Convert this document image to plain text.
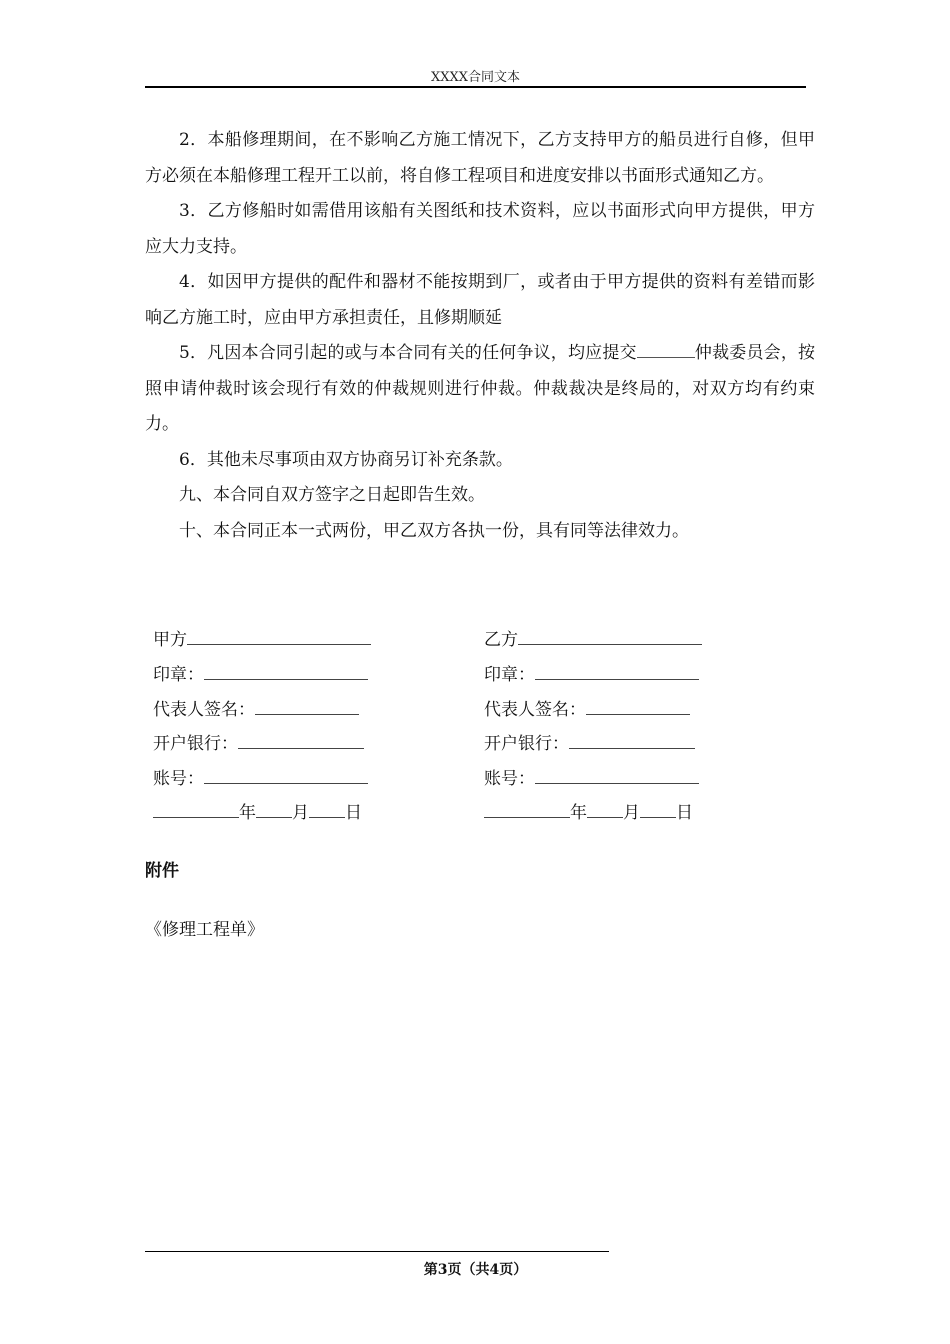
XXXX合同文本

2．本船修理期间，在不影响乙方施工情况下，乙方支持甲方的船员进行自修，但甲方必须在本船修理工程开工以前，将自修工程项目和进度安排以书面形式通知乙方。

3．乙方修船时如需借用该船有关图纸和技术资料，应以书面形式向甲方提供，甲方应大力支持。

4．如因甲方提供的配件和器材不能按期到厂，或者由于甲方提供的资料有差错而影响乙方施工时，应由甲方承担责任，且修期顺延

5．凡因本合同引起的或与本合同有关的任何争议，均应提交	仲裁委员会，按照申请仲裁时该会现行有效的仲裁规则进行仲裁。仲裁裁决是终局的，对双方均有约束力。

6．其他未尽事项由双方协商另订补充条款。

九、本合同自双方签字之日起即告生效。

十、本合同正本一式两份，甲乙双方各执一份，具有同等法律效力。

甲方
印章：
代表人签名：
开户银行：
账号：
年 月 日
乙方
印章：
代表人签名：
开户银行：
账号：
年 月 日
附件
《修理工程单》
第3页（共4页）
